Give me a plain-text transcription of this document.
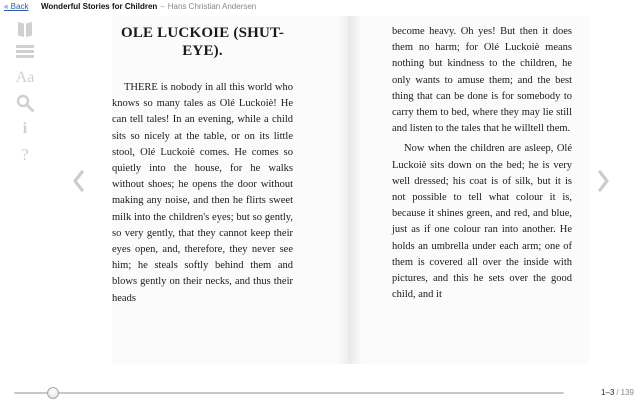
« Back Wonderful Stories for Children – Hans Christian Andersen
Aa
i
?
OLE LUCKOIE (SHUT-EYE).

THERE is nobody in all this world who knows so many tales as Olé Luckoiè! He can tell tales! In an evening, while a child sits so nicely at the table, or on its little stool, Olé Luckoiè comes. He comes so quietly into the house, for he walks without shoes; he opens the door without making any noise, and then he flirts sweet milk into the children's eyes; but so gently, so very gently, that they cannot keep their eyes open, and, therefore, they never see him; he steals softly behind them and blows gently on their necks, and thus their heads

become heavy. Oh yes! But then it does them no harm; for Olé Luckoiè means nothing but kindness to the children, he only wants to amuse them; and the best thing that can be done is for somebody to carry them to bed, where they may lie still and listen to the tales that he willtell them.

Now when the children are asleep, Olé Luckoiè sits down on the bed; he is very well dressed; his coat is of silk, but it is not possible to tell what colour it is, because it shines green, and red, and blue, just as if one colour ran into another. He holds an umbrella under each arm; one of them is covered all over the inside with pictures, and this he sets over the good child, and it

1–3 / 139
